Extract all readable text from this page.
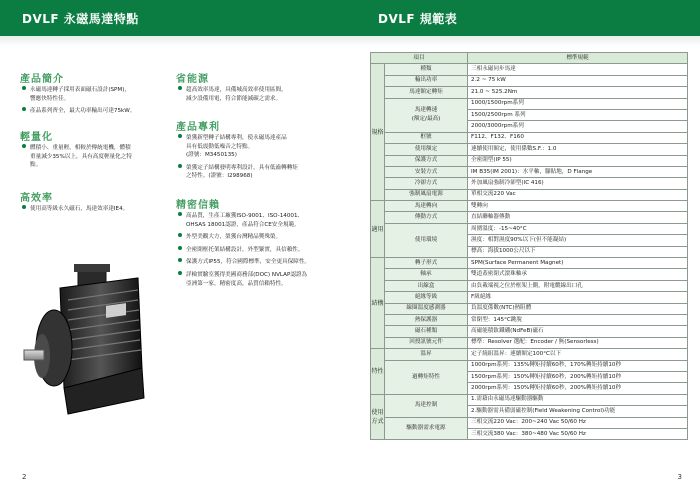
DVLF 永磁馬達特點
產品簡介
永磁馬達轉子採用表面磁石設計(SPM)，
響應快特性佳。
產品系列齊全，最大功率輸出可達75kW。
輕量化
體積小、重量輕，相較於傳統電機，體積
重量減少35%以上，具有高度輕量化之特
點。
高效率
使用高等級永久磁石，馬達效率達IE4。
省能源
超高效率馬達，具備城高效率使用區間，
減少設備用電，符合節能減碳之需求。
產品專利
榮獲新型轉子結構專利，使永磁馬達產品
具有低震動低噪音之特點。
(證號：M3450135)
榮獲定子結構發明專利設計，具有低齒轉轉矩
之特性。(證號：I298968)
精密信賴
高品質，生產工廠獲ISO-9001、ISO-14001、
OHSAS 18001認證，產品符合CE安全規範。
外型美觀大方，榮獲台灣精品獎殊榮。
全密閉框托架結構設計，外型緊實，具信賴性。
保護方式IP55，符合國際標準，安全更具保障性。
詳檢實驗室獲得美國商務部(DOC) NVLAP認證為
亞洲第一家，精密度高，品質信賴特性。
2
DVLF 規範表
項目		標準規範
規格	種類	三相永磁同步馬達
	輸出功率	2.2 ~ 75 kW
	馬達額定轉矩	21.0 ~ 525.2Nm
	馬達轉速
(額定/最高)	1000/1500rpm系列
		1500/2500rpm 系列
		2000/3000rpm系列
	框號	F112、F132、F160
	使用額定	連續使用額定，使用係數S.F.：1.0
	保護方式	全密閉型(IP 55)
	安裝方式	IM B35(IM 2001)：水平軸，腳貼地，D Flange
	冷卻方式	外加風扇強制冷卻型(IC 416)
	強制風扇電源	單相交流220 Vac
適用	馬達轉向	雙轉向
	傳動方式	直結聯軸器傳動
	使用環境	周圍溫度：-15~40°C
		濕度：相對濕度90%以下(但不能凝結)
		標高：海拔1000公尺以下
結構	轉子形式	SPM(Surface Permanent Magnet)
	軸承	雙道蓋密閉式滾珠軸承
	出線盒	由負載端視之位於框架上側，附電纜線出口孔
	絕緣等級	F級絕緣
	線圈溫度感測器	負溫度係數(NTC)熱阻體
	熱保護器	常閉型：145°C跳脫
	磁石種類	高磁能積釹鐵硼(NdFeB)磁石
	回授訊號元件	標準：Resolver 選配：Encoder / 無(Sensorless)
特性	溫昇	定子繞組溫昇：連續額定100°C以下
	過轉矩特性	1000rpm系列：135%轉矩持續60秒，170%轉矩持續10秒
		1500rpm系列：150%轉矩持續60秒，200%轉矩持續10秒
		2000rpm系列：150%轉矩持續60秒，200%轉矩持續10秒
使用方式	馬達控制	1.需藉由永磁馬達驅動器驅動
		2.驅動器需具備弱磁控制(Field Weakening Control)功能
	驅動器需求電源	三相交流220 Vac：200~240 Vac 50/60 Hz
		三相交流380 Vac：380~480 Vac 50/60 Hz
3
